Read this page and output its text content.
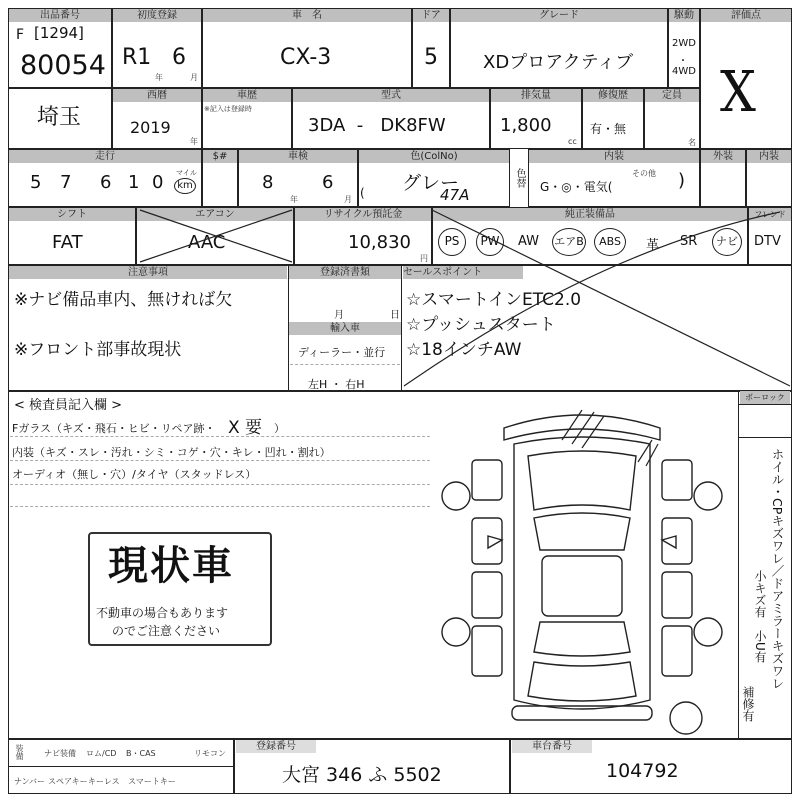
出品番号
F [1294]
80054
初度登録
R1
年
6
月
車　名
CX-3
ドア
5
グレード
XDプロアクティブ
駆動
2WD
・
4WD
評価点
X
埼玉
西暦
2019
年
車歴
※記入は登録時
型式
3DA  -   DK8FW
排気量
1,800
cc
修復歴
有・無
定員
名
走行
5 7 6 1 0 マイル
km
$#	車検
8
年
6
月
色(ColNo)
( グレー
47A
色替
内装
G・◎・電気(
その他 )
外装	内装
シフト
FAT
エアコン
AAC
リサイクル預託金
10,830
円
純正装備品
PS	PW	AW エアB	ABS	革 SR	ナビ
フレンド
DTV
注意事項
※ナビ備品車内、無ければ欠
※フロント部事故現状
登録済書類
月	日
輸入車
ディーラー・並行
左H ・ 右H
セールスポイント
☆スマートインETC2.0
☆プッシュスタート
☆18インチAW
< 検査員記入欄 >
Fガラス（キズ・飛石・ヒビ・リペア跡・ X 要 ）
内装（キズ・スレ・汚れ・シミ・コゲ・穴・キレ・凹れ・割れ）
オーディオ（無し・穴）/タイヤ（スタッドレス）
現状車
不動車の場合もあります
のでご注意ください
ボーロック
ホイル・CPキズワレ／ドアミラーキズワレ
小キズ有　小U有
補修有
装備	ナビ装備 ロム/CD B・CAS	リモコン
ナンバー スペアキー キーレス スマートキー
登録番号
大宮 346 ふ 5502
車台番号
104792
